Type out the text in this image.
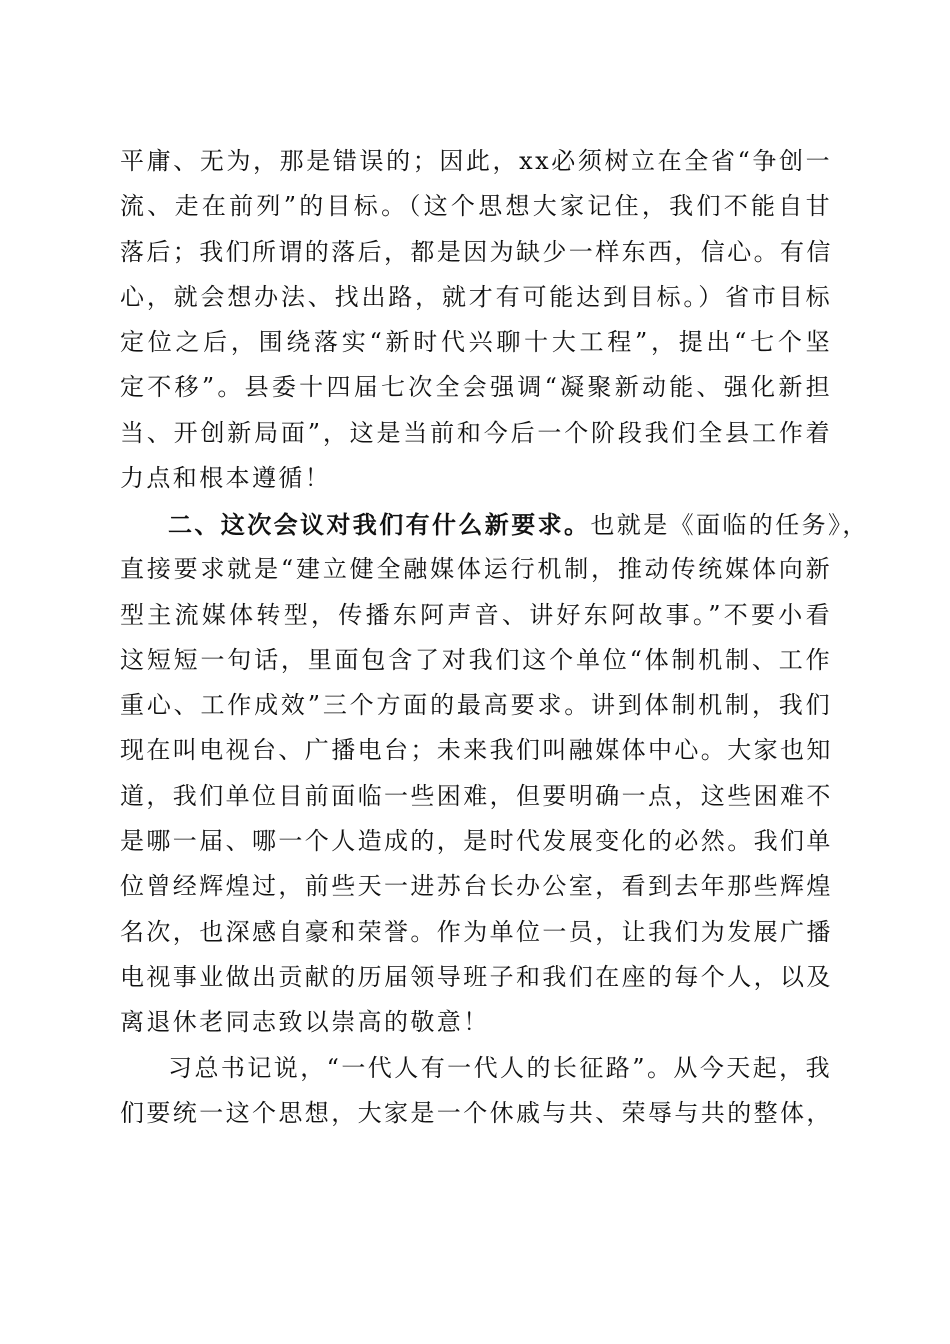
平庸、无为，那是错误的；因此，xx必须树立在全省“争创一
流、走在前列”的目标。（这个思想大家记住，我们不能自甘
落后；我们所谓的落后，都是因为缺少一样东西，信心。有信
心，就会想办法、找出路，就才有可能达到目标。）省市目标
定位之后，围绕落实“新时代兴聊十大工程”，提出“七个坚
定不移”。县委十四届七次全会强调“凝聚新动能、强化新担
当、开创新局面”，这是当前和今后一个阶段我们全县工作着
力点和根本遵循！
二、这次会议对我们有什么新要求。也就是《面临的任务》，
直接要求就是“建立健全融媒体运行机制，推动传统媒体向新
型主流媒体转型，传播东阿声音、讲好东阿故事。”不要小看
这短短一句话，里面包含了对我们这个单位“体制机制、工作
重心、工作成效”三个方面的最高要求。讲到体制机制，我们
现在叫电视台、广播电台；未来我们叫融媒体中心。大家也知
道，我们单位目前面临一些困难，但要明确一点，这些困难不
是哪一届、哪一个人造成的，是时代发展变化的必然。我们单
位曾经辉煌过，前些天一进苏台长办公室，看到去年那些辉煌
名次，也深感自豪和荣誉。作为单位一员，让我们为发展广播
电视事业做出贡献的历届领导班子和我们在座的每个人，以及
离退休老同志致以崇高的敬意！
习总书记说，“一代人有一代人的长征路”。从今天起，我
们要统一这个思想，大家是一个休戚与共、荣辱与共的整体，
